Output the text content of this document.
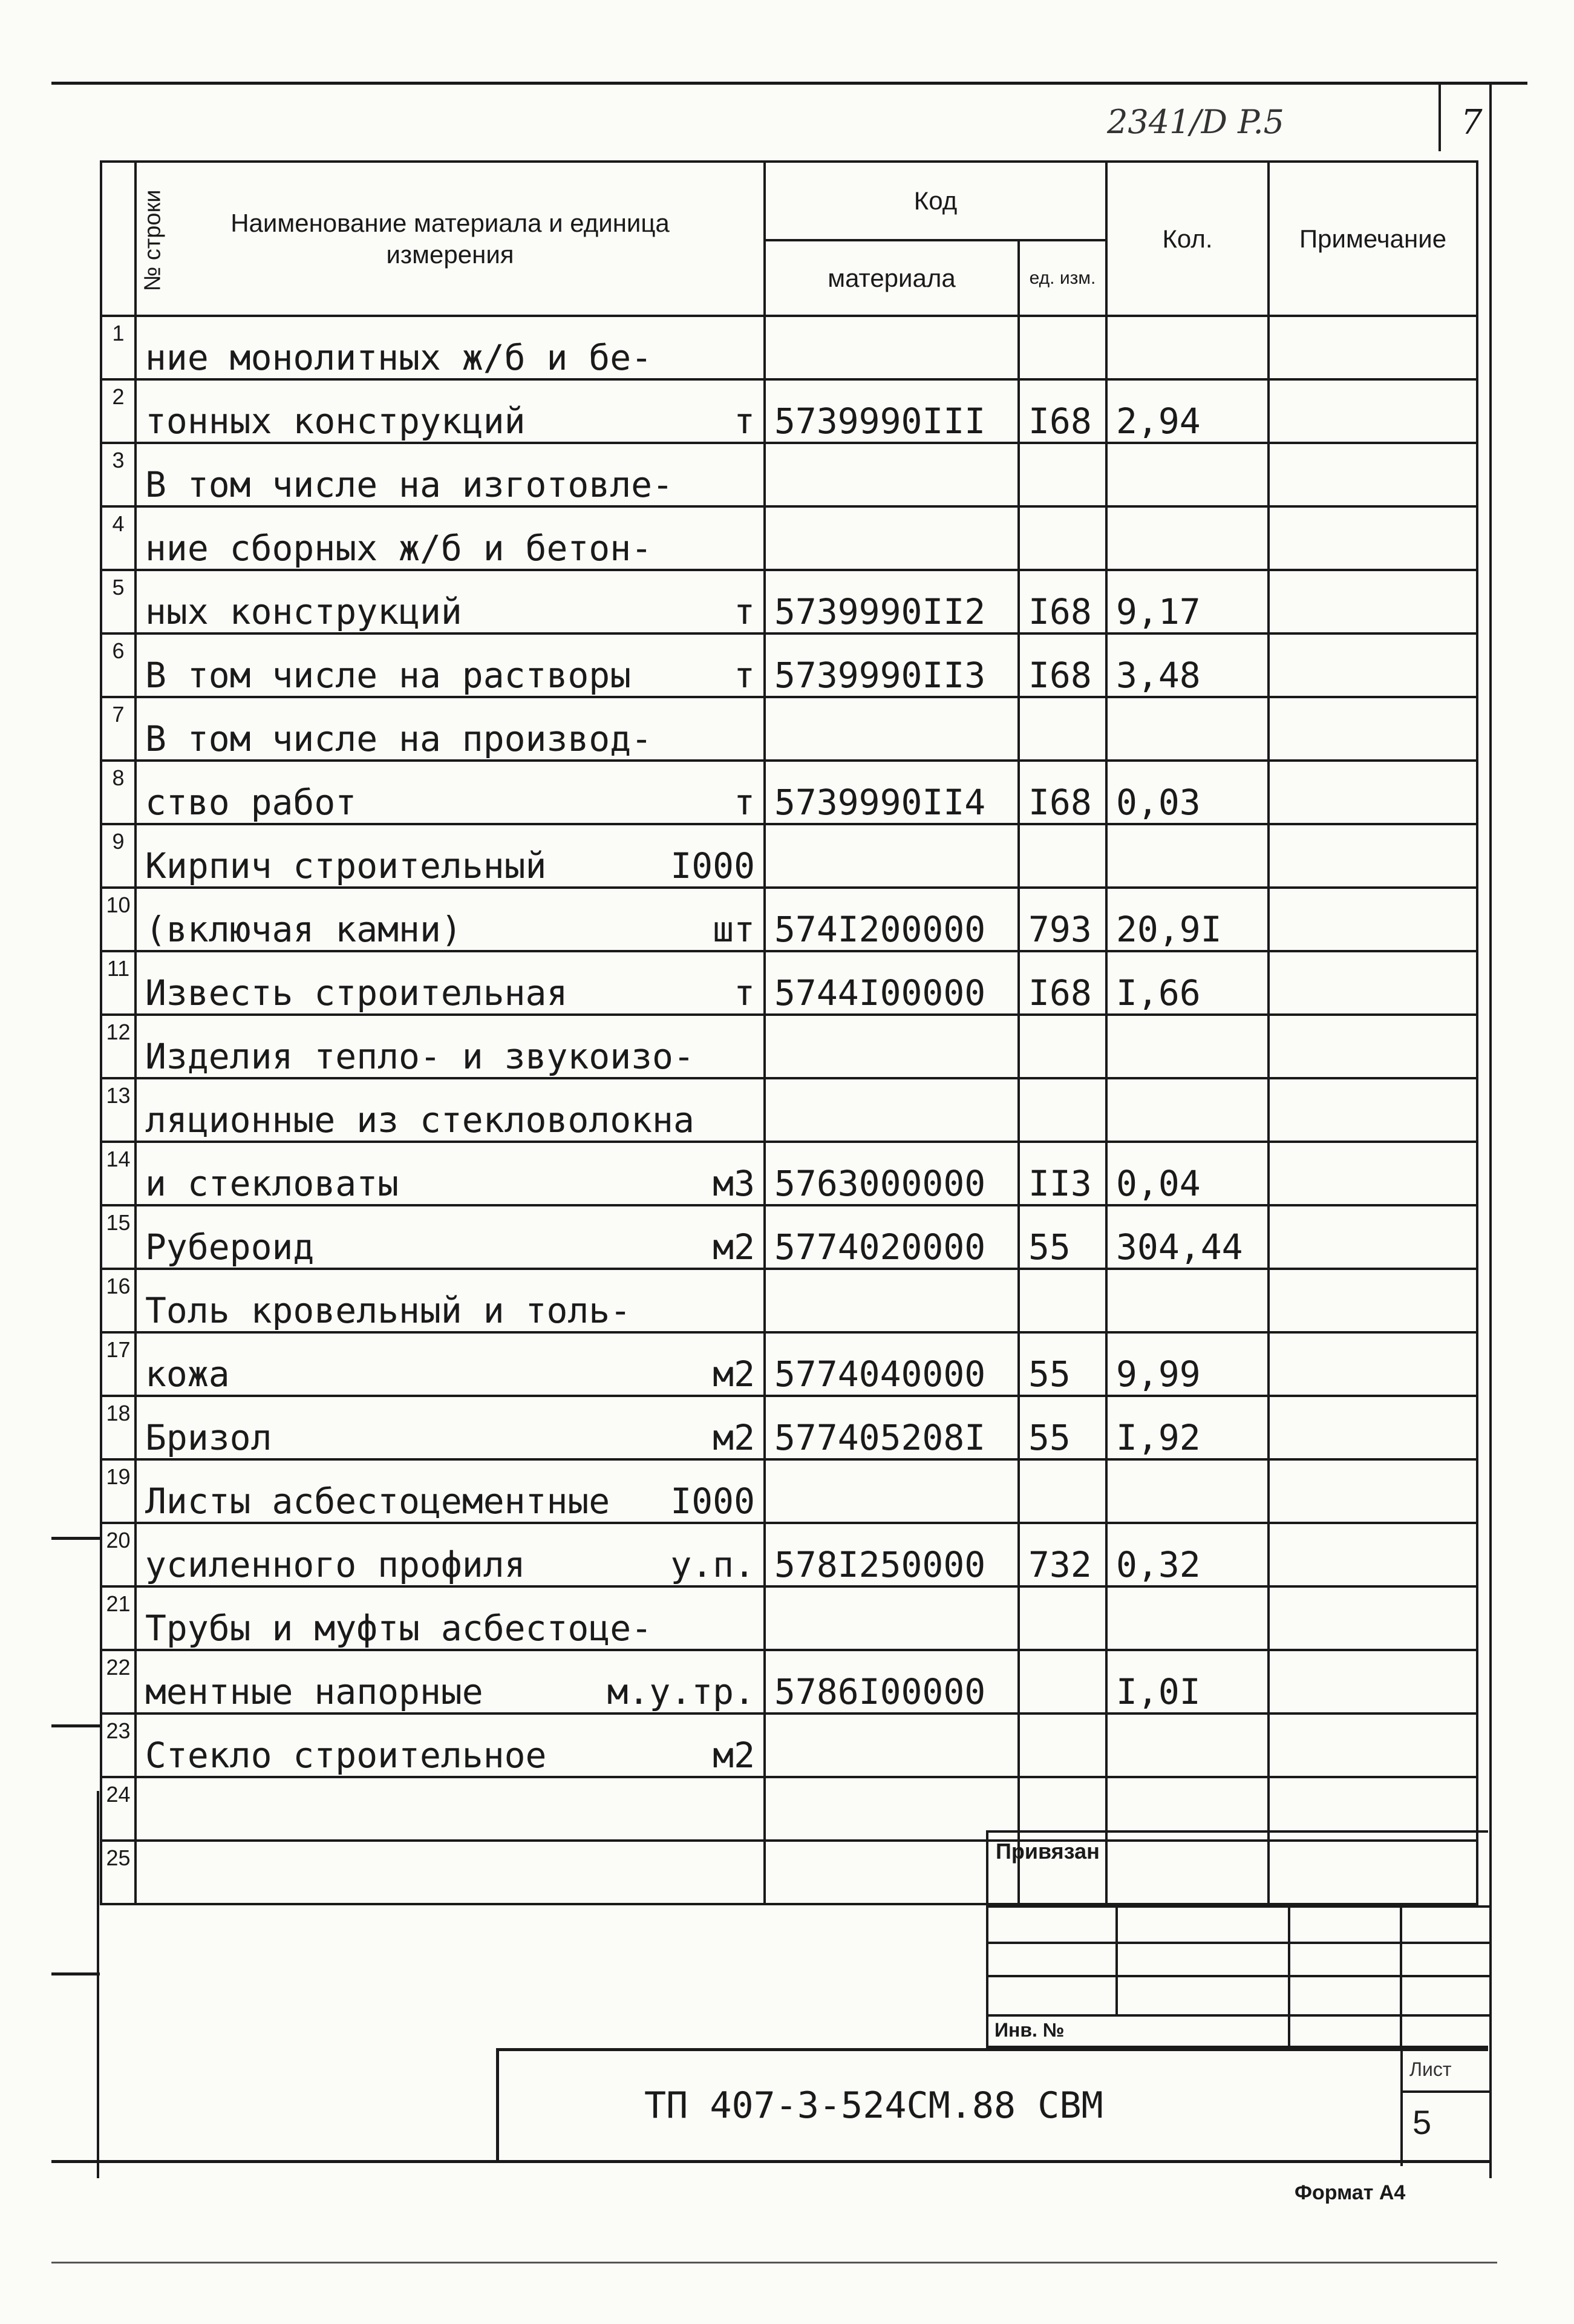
2341/D P.5	7
№ строки	Наименование материала и единица измерения	Код		Кол.	Примечание
		материала	ед. изм.		
1	ние монолитных ж/б и бе-				

2	тонных конструкций т	5739990III	I68	2,94	
3	В том числе на изготовле-				

4	ние сборных ж/б и бетон-				

5	ных конструкций т	5739990II2	I68	9,17	
6	В том числе на растворы т	5739990II3	I68	3,48	
7	В том числе на производ-				

8	ство работ т	5739990II4	I68	0,03	
9	Кирпич строительный I000				

10	(включая камни) шт	574I200000	793	20,9I	
11	Известь строительная т	5744I00000	I68	I,66	
12	Изделия тепло- и звукоизо-				

13	ляционные из стекловолокна				

14	и стекловаты м3	5763000000	II3	0,04	
15	Рубероид м2	5774020000	55	304,44	
16	Толь кровельный и толь-				

17	кожа м2	5774040000	55	9,99	
18	Бризол м2	577405208I	55	I,92	
19	Листы асбестоцементные I000				

20	усиленного профиля у.п.	578I250000	732	0,32	
21	Трубы и муфты асбестоце-				

22	ментные напорные м.у.тр.	5786I00000		I,0I	
23	Стекло строительное м2				

24	

25	
					Привязан
Инв. №
ТП 407-3-524СМ.88 СВМ
Лист
5
Формат А4
